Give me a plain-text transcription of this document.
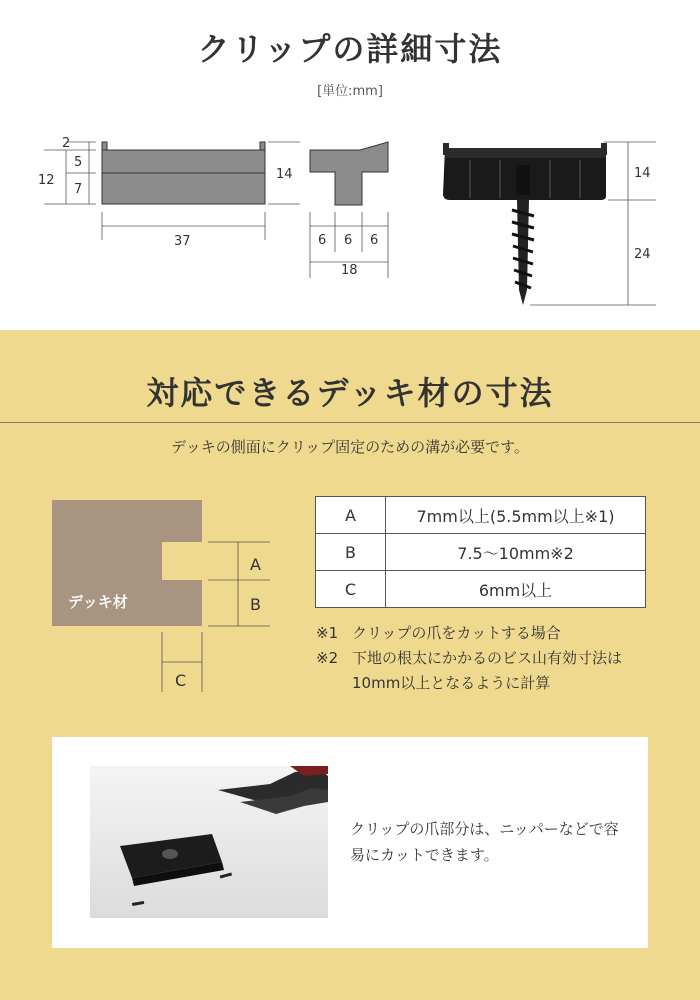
クリップの詳細寸法
[単位:mm]
2
5
7
12
37
14
6 6 6
18
14
24
対応できるデッキ材の寸法
デッキの側面にクリップ固定のための溝が必要です。
デッキ材
A
B
C
A	7mm以上(5.5mm以上※1)
B	7.5〜10mm※2
C	6mm以上
※1 クリップの爪をカットする場合
※2 下地の根太にかかるのビス山有効寸法は10mm以上となるように計算
クリップの爪部分は、ニッパーなどで容易にカットできます。
